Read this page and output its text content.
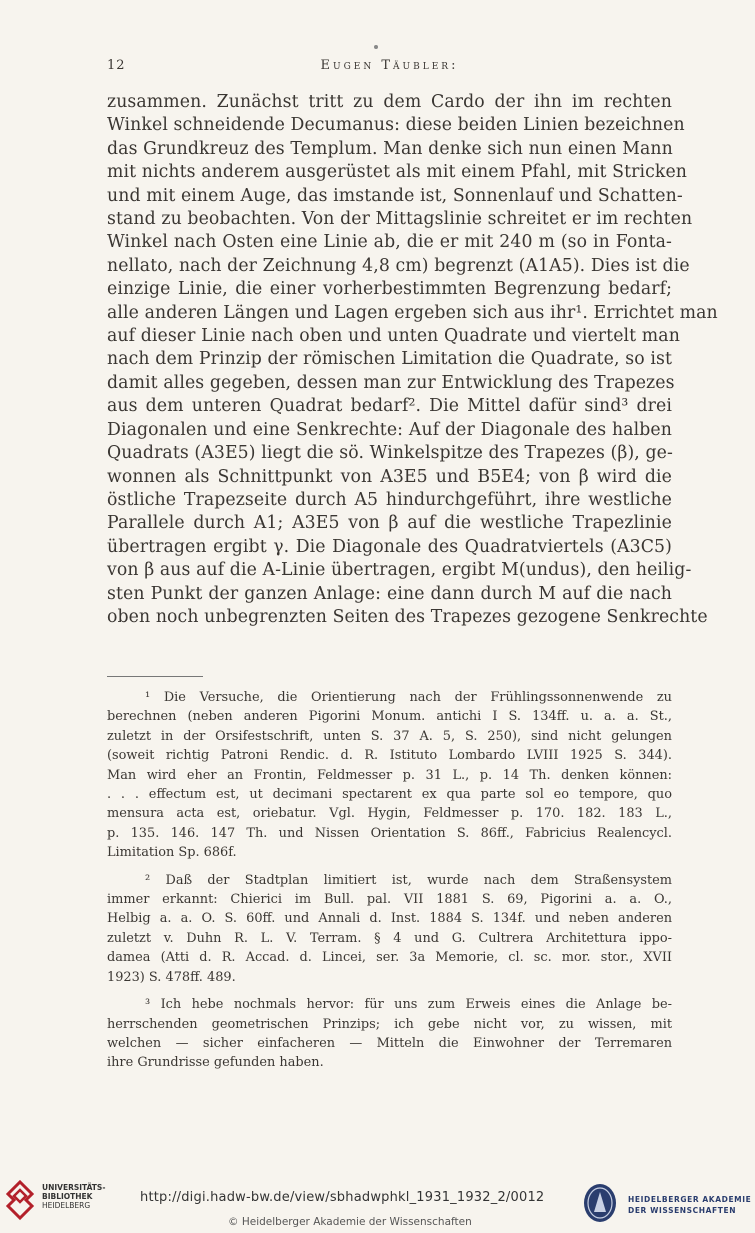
12	Eugen Täubler:
zusammen. Zunächst tritt zu dem Cardo der ihn im rechten
Winkel schneidende Decumanus: diese beiden Linien bezeichnen
das Grundkreuz des Templum. Man denke sich nun einen Mann
mit nichts anderem ausgerüstet als mit einem Pfahl, mit Stricken
und mit einem Auge, das imstande ist, Sonnenlauf und Schatten-
stand zu beobachten. Von der Mittagslinie schreitet er im rechten
Winkel nach Osten eine Linie ab, die er mit 240 m (so in Fonta-
nellato, nach der Zeichnung 4,8 cm) begrenzt (A1A5). Dies ist die
einzige Linie, die einer vorherbestimmten Begrenzung bedarf;
alle anderen Längen und Lagen ergeben sich aus ihr¹. Errichtet man
auf dieser Linie nach oben und unten Quadrate und viertelt man
nach dem Prinzip der römischen Limitation die Quadrate, so ist
damit alles gegeben, dessen man zur Entwicklung des Trapezes
aus dem unteren Quadrat bedarf². Die Mittel dafür sind³ drei
Diagonalen und eine Senkrechte: Auf der Diagonale des halben
Quadrats (A3E5) liegt die sö. Winkelspitze des Trapezes (β), ge-
wonnen als Schnittpunkt von A3E5 und B5E4; von β wird die
östliche Trapezseite durch A5 hindurchgeführt, ihre westliche
Parallele durch A1; A3E5 von β auf die westliche Trapezlinie
übertragen ergibt γ. Die Diagonale des Quadratviertels (A3C5)
von β aus auf die A-Linie übertragen, ergibt M(undus), den heilig-
sten Punkt der ganzen Anlage: eine dann durch M auf die nach
oben noch unbegrenzten Seiten des Trapezes gezogene Senkrechte
¹ Die Versuche, die Orientierung nach der Frühlingssonnenwende zu
berechnen (neben anderen Pigorini Monum. antichi I S. 134ff. u. a. a. St.,
zuletzt in der Orsifestschrift, unten S. 37 A. 5, S. 250), sind nicht gelungen
(soweit richtig Patroni Rendic. d. R. Istituto Lombardo LVIII 1925 S. 344).
Man wird eher an Frontin, Feldmesser p. 31 L., p. 14 Th. denken können:
. . . effectum est, ut decimani spectarent ex qua parte sol eo tempore, quo
mensura acta est, oriebatur. Vgl. Hygin, Feldmesser p. 170. 182. 183 L.,
p. 135. 146. 147 Th. und Nissen Orientation S. 86ff., Fabricius Realencycl.
Limitation Sp. 686f.
² Daß der Stadtplan limitiert ist, wurde nach dem Straßensystem
immer erkannt: Chierici im Bull. pal. VII 1881 S. 69, Pigorini a. a. O.,
Helbig a. a. O. S. 60ff. und Annali d. Inst. 1884 S. 134f. und neben anderen
zuletzt v. Duhn R. L. V. Terram. § 4 und G. Cultrera Architettura ippo-
damea (Atti d. R. Accad. d. Lincei, ser. 3a Memorie, cl. sc. mor. stor., XVII
1923) S. 478ff. 489.
³ Ich hebe nochmals hervor: für uns zum Erweis eines die Anlage be-
herrschenden geometrischen Prinzips; ich gebe nicht vor, zu wissen, mit
welchen — sicher einfacheren — Mitteln die Einwohner der Terremaren
ihre Grundrisse gefunden haben.
UNIVERSITÄTS-
BIBLIOTHEK
HEIDELBERG
http://digi.hadw-bw.de/view/sbhadwphkl_1931_1932_2/0012
© Heidelberger Akademie der Wissenschaften
HEIDELBERGER AKADEMIE
DER WISSENSCHAFTEN
